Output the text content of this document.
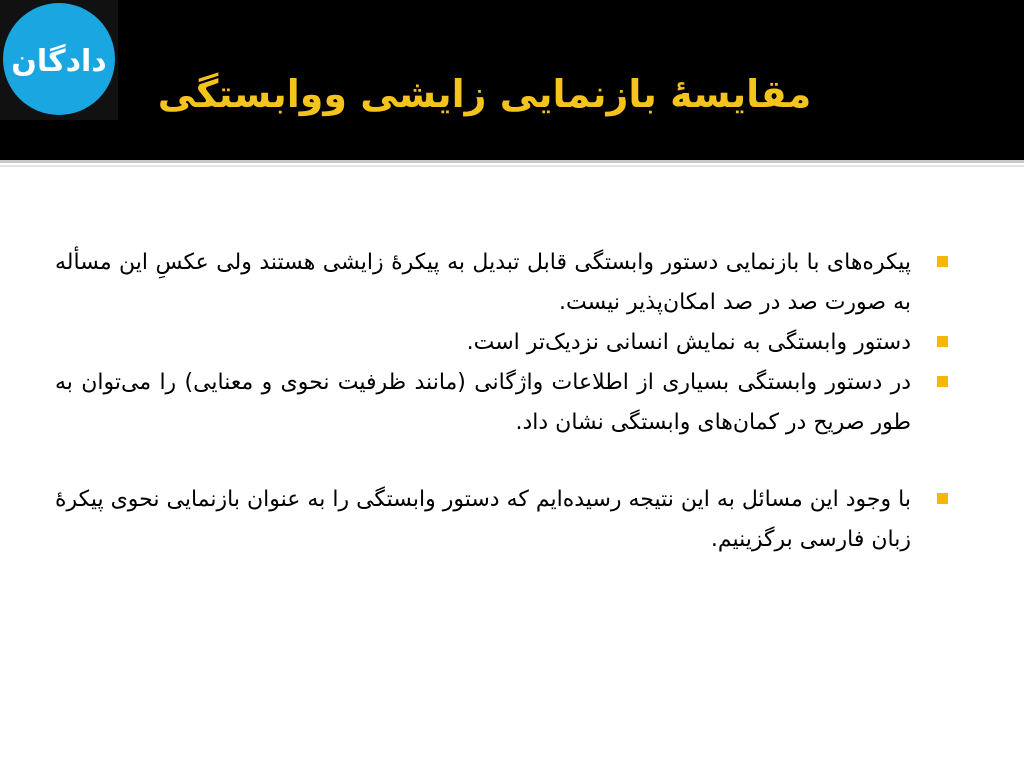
دادگان
مقایسۀ بازنمایی زایشی ووابستگی
پیکره‌های با بازنمایی دستور وابستگی قابل تبدیل به پیکرۀ زایشی هستند ولی عکسِ این مسأله به صورت صد در صد امکان‌پذیر نیست.
دستور وابستگی به نمایش انسانی نزدیک‌تر است.
در دستور وابستگی بسیاری از اطلاعات واژگانی (مانند ظرفیت نحوی و معنایی) را می‌توان به طور صریح در کمان‌های وابستگی نشان داد.
با وجود این مسائل به این نتیجه رسیده‌ایم که دستور وابستگی را به عنوان بازنمایی نحوی پیکرۀ زبان فارسی برگزینیم.
